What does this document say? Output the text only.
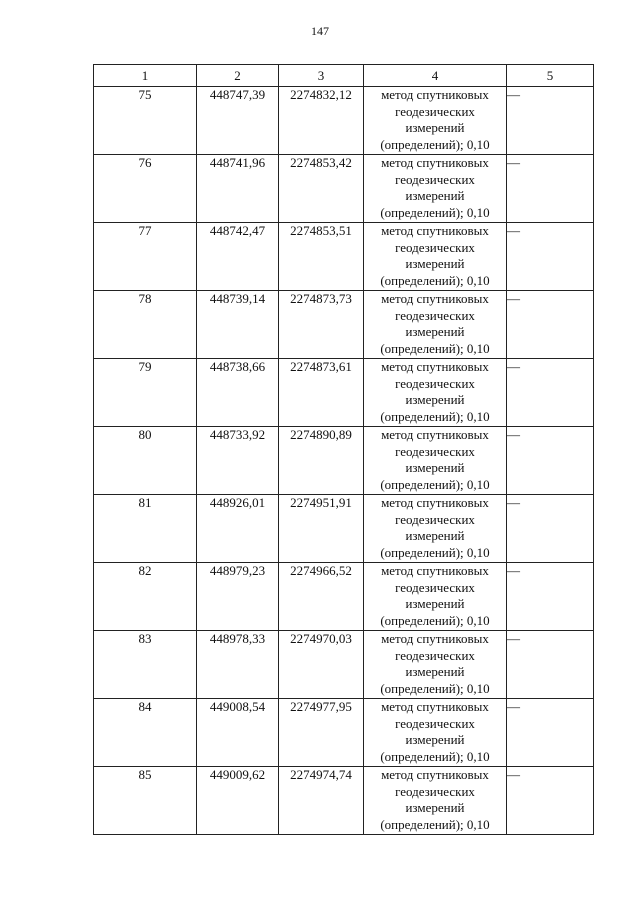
147
1	2	3	4	5
75	448747,39	2274832,12	метод спутниковых геодезических измерений (определений); 0,10	—
76	448741,96	2274853,42	метод спутниковых геодезических измерений (определений); 0,10	—
77	448742,47	2274853,51	метод спутниковых геодезических измерений (определений); 0,10	—
78	448739,14	2274873,73	метод спутниковых геодезических измерений (определений); 0,10	—
79	448738,66	2274873,61	метод спутниковых геодезических измерений (определений); 0,10	—
80	448733,92	2274890,89	метод спутниковых геодезических измерений (определений); 0,10	—
81	448926,01	2274951,91	метод спутниковых геодезических измерений (определений); 0,10	—
82	448979,23	2274966,52	метод спутниковых геодезических измерений (определений); 0,10	—
83	448978,33	2274970,03	метод спутниковых геодезических измерений (определений); 0,10	—
84	449008,54	2274977,95	метод спутниковых геодезических измерений (определений); 0,10	—
85	449009,62	2274974,74	метод спутниковых геодезических измерений (определений); 0,10	—
